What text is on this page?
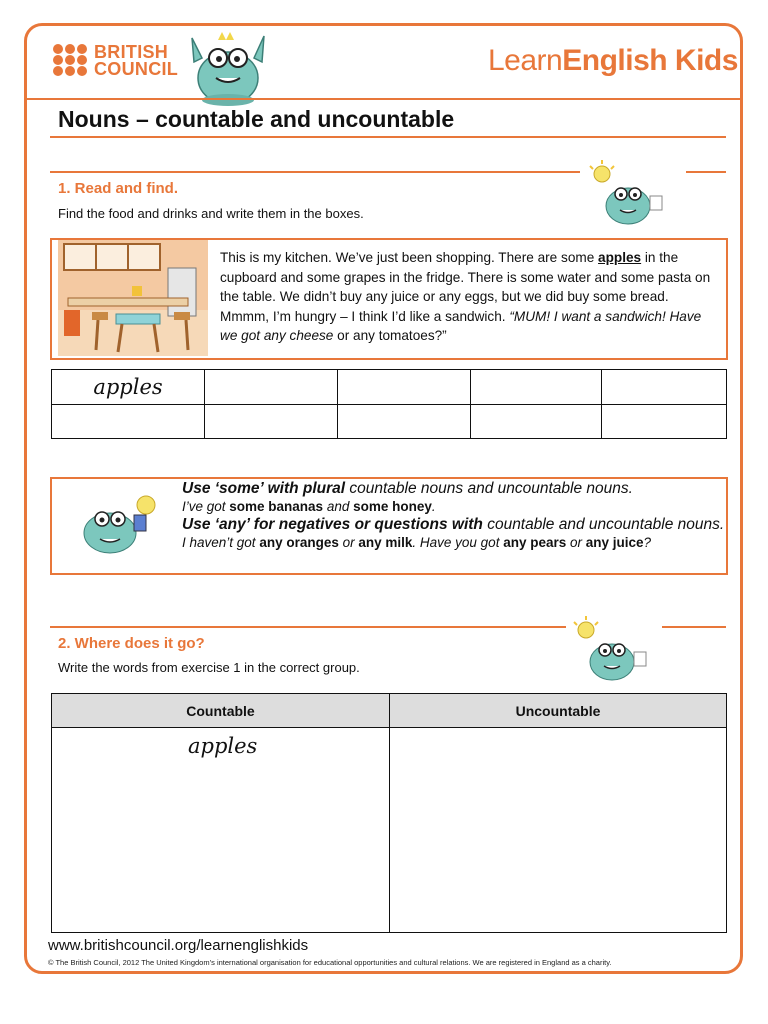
BRITISH
COUNCIL	LearnEnglish Kids
Nouns – countable and uncountable
1. Read and find.
Find the food and drinks and write them in the boxes.
This is my kitchen. We’ve just been shopping. There are some apples in the cupboard and some grapes in the fridge. There is some water and some pasta on the table. We didn’t buy any juice or any eggs, but we did buy some bread. Mmmm, I’m hungry – I think I’d like a sandwich. “MUM! I want a sandwich! Have we got any cheese or any tomatoes?”
apples				

Use ‘some’ with plural countable nouns and uncountable nouns.
I’ve got some bananas and some honey.
Use ‘any’ for negatives or questions with countable and uncountable nouns.
I haven’t got any oranges or any milk. Have you got any pears or any juice?
2. Where does it go?
Write the words from exercise 1 in the correct group.
Countable	Uncountable

apples	

www.britishcouncil.org/learnenglishkids
© The British Council, 2012 The United Kingdom’s international organisation for educational opportunities and cultural relations. We are registered in England as a charity.
